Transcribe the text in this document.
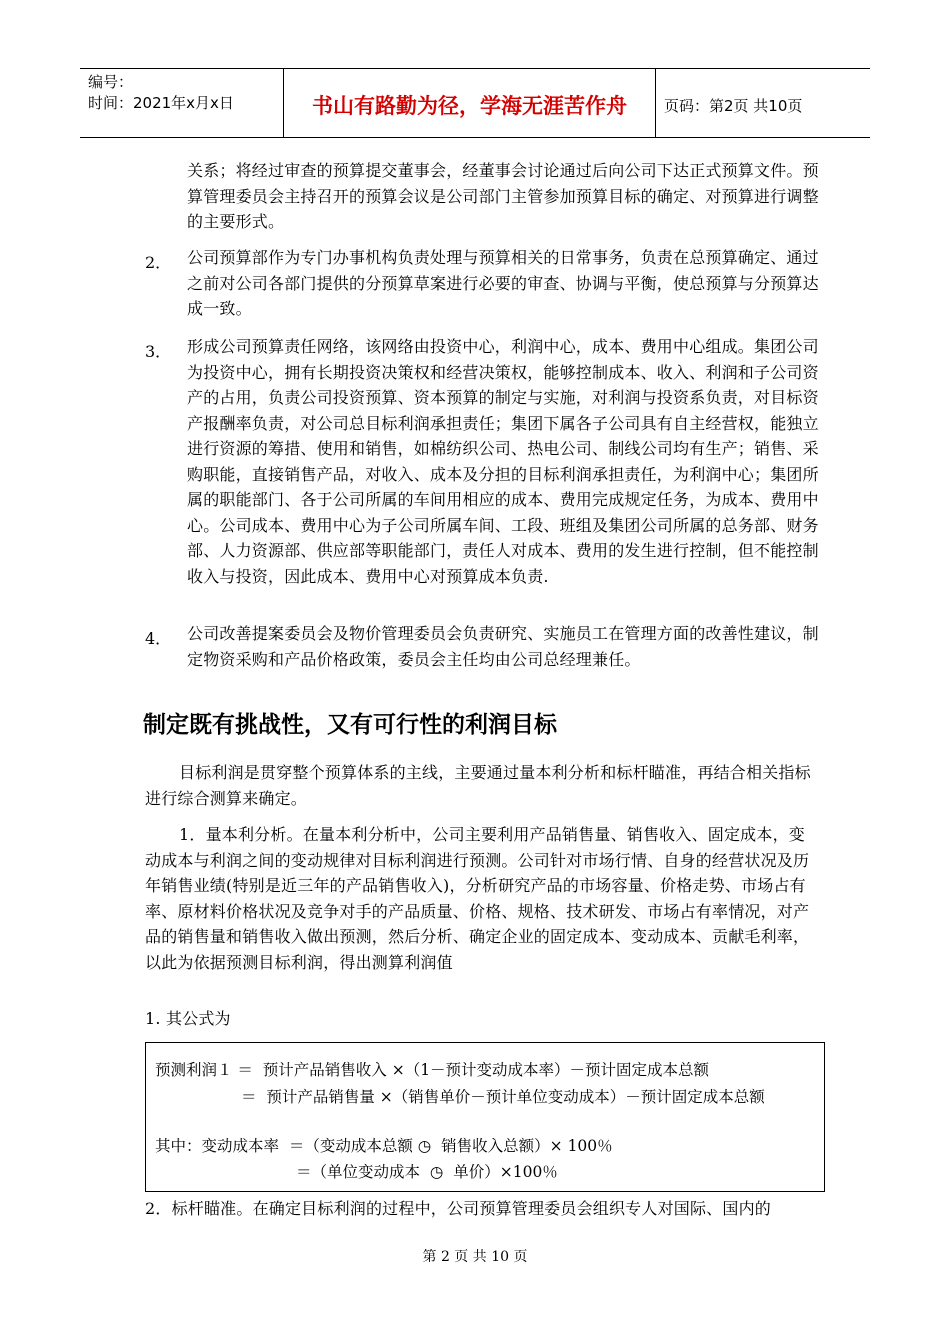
编号：
时间：2021年x月x日	书山有路勤为径，学海无涯苦作舟	页码：第2页 共10页
关系；将经过审查的预算提交董事会，经董事会讨论通过后向公司下达正式预算文件。预算管理委员会主持召开的预算会议是公司部门主管参加预算目标的确定、对预算进行调整的主要形式。
2． 公司预算部作为专门办事机构负责处理与预算相关的日常事务，负责在总预算确定、通过之前对公司各部门提供的分预算草案进行必要的审查、协调与平衡，使总预算与分预算达成一致。
3． 形成公司预算责任网络，该网络由投资中心，利润中心，成本、费用中心组成。集团公司为投资中心，拥有长期投资决策权和经营决策权，能够控制成本、收入、利润和子公司资产的占用，负责公司投资预算、资本预算的制定与实施，对利润与投资系负责，对目标资产报酬率负责，对公司总目标利润承担责任；集团下属各子公司具有自主经营权，能独立进行资源的筹措、使用和销售，如棉纺织公司、热电公司、制线公司均有生产；销售、采购职能，直接销售产品，对收入、成本及分担的目标利润承担责任，为利润中心；集团所属的职能部门、各于公司所属的车间用相应的成本、费用完成规定任务，为成本、费用中心。公司成本、费用中心为子公司所属车间、工段、班组及集团公司所属的总务部、财务部、人力资源部、供应部等职能部门，责任人对成本、费用的发生进行控制，但不能控制收入与投资，因此成本、费用中心对预算成本负责.
4． 公司改善提案委员会及物价管理委员会负责研究、实施员工在管理方面的改善性建议，制定物资采购和产品价格政策，委员会主任均由公司总经理兼任。
制定既有挑战性，又有可行性的利润目标
目标利润是贯穿整个预算体系的主线，主要通过量本利分析和标杆瞄准，再结合相关指标进行综合测算来确定。
1．量本利分析。在量本利分析中，公司主要利用产品销售量、销售收入、固定成本，变动成本与利润之间的变动规律对目标利润进行预测。公司针对市场行情、自身的经营状况及历年销售业绩(特别是近三年的产品销售收入)，分析研究产品的市场容量、价格走势、市场占有率、原材料价格状况及竞争对手的产品质量、价格、规格、技术研发、市场占有率情况，对产品的销售量和销售收入做出预测，然后分析、确定企业的固定成本、变动成本、贡献毛利率，以此为依据预测目标利润，得出测算利润值
1. 其公式为
预测利润１ ＝  预计产品销售收入 ×（1－预计变动成本率）－预计固定成本总额
＝  预计产品销售量 ×（销售单价－预计单位变动成本）－预计固定成本总额
其中：变动成本率  ＝（变动成本总额 ◷  销售收入总额）× 100％
＝（单位变动成本  ◷  单价）×100％
2．标杆瞄准。在确定目标利润的过程中，公司预算管理委员会组织专人对国际、国内的
第 2 页 共 10 页
